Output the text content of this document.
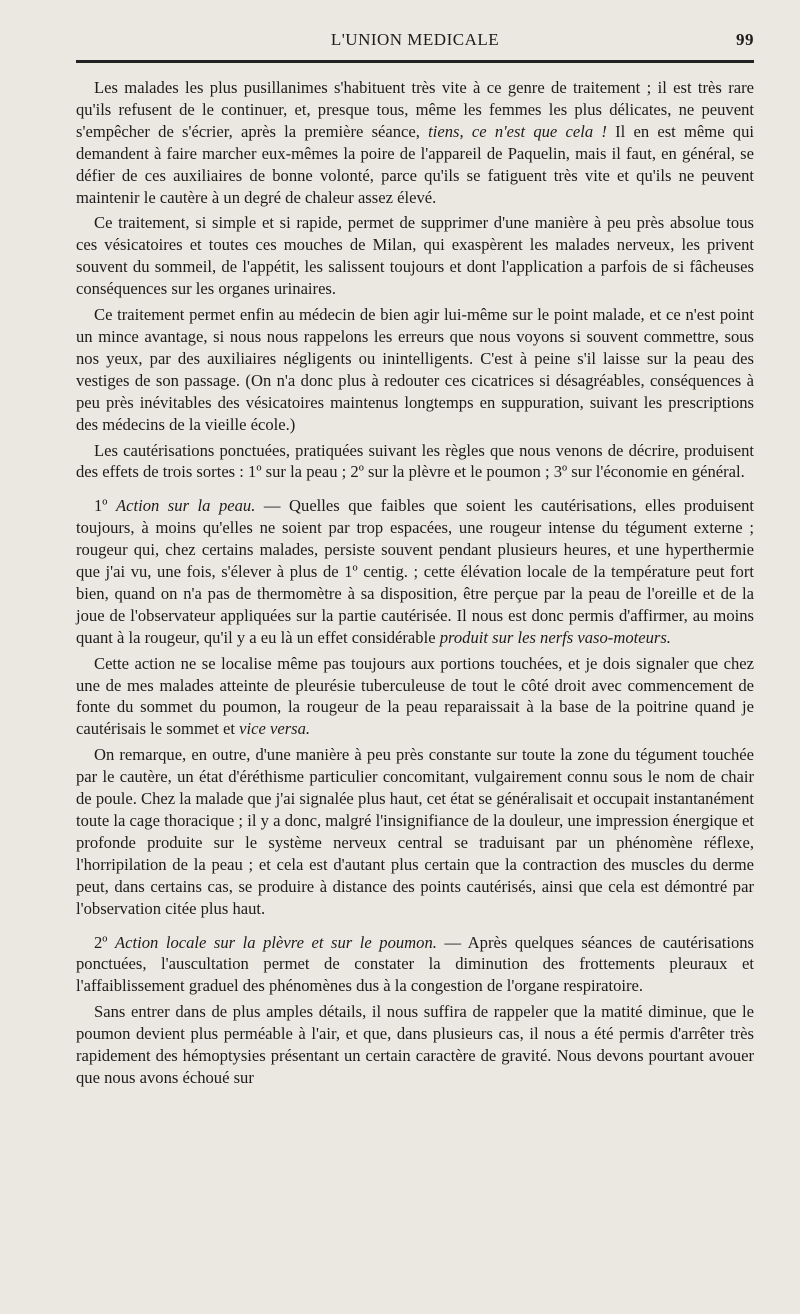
L'UNION MEDICALE	99

Les malades les plus pusillanimes s'habituent très vite à ce genre de traitement ; il est très rare qu'ils refusent de le continuer, et, presque tous, même les femmes les plus délicates, ne peuvent s'empêcher de s'écrier, après la première séance, tiens, ce n'est que cela ! Il en est même qui demandent à faire marcher eux-mêmes la poire de l'appareil de Paquelin, mais il faut, en général, se défier de ces auxiliaires de bonne volonté, parce qu'ils se fatiguent très vite et qu'ils ne peuvent maintenir le cautère à un degré de chaleur assez élevé.

Ce traitement, si simple et si rapide, permet de supprimer d'une manière à peu près absolue tous ces vésicatoires et toutes ces mouches de Milan, qui exaspèrent les malades nerveux, les privent souvent du sommeil, de l'appétit, les salissent toujours et dont l'application a parfois de si fâcheuses conséquences sur les organes urinaires.

Ce traitement permet enfin au médecin de bien agir lui-même sur le point malade, et ce n'est point un mince avantage, si nous nous rappelons les erreurs que nous voyons si souvent commettre, sous nos yeux, par des auxiliaires négligents ou inintelligents. C'est à peine s'il laisse sur la peau des vestiges de son passage. (On n'a donc plus à redouter ces cicatrices si désagréables, conséquences à peu près inévitables des vésicatoires maintenus longtemps en suppuration, suivant les prescriptions des médecins de la vieille école.)

Les cautérisations ponctuées, pratiquées suivant les règles que nous venons de décrire, produisent des effets de trois sortes : 1º sur la peau ; 2º sur la plèvre et le poumon ; 3º sur l'économie en général.

1º Action sur la peau. — Quelles que faibles que soient les cautérisations, elles produisent toujours, à moins qu'elles ne soient par trop espacées, une rougeur intense du tégument externe ; rougeur qui, chez certains malades, persiste souvent pendant plusieurs heures, et une hyperthermie que j'ai vu, une fois, s'élever à plus de 1º centig. ; cette élévation locale de la température peut fort bien, quand on n'a pas de thermomètre à sa disposition, être perçue par la peau de l'oreille et de la joue de l'observateur appliquées sur la partie cautérisée. Il nous est donc permis d'affirmer, au moins quant à la rougeur, qu'il y a eu là un effet considérable produit sur les nerfs vaso-moteurs.

Cette action ne se localise même pas toujours aux portions touchées, et je dois signaler que chez une de mes malades atteinte de pleurésie tuberculeuse de tout le côté droit avec commencement de fonte du sommet du poumon, la rougeur de la peau reparaissait à la base de la poitrine quand je cautérisais le sommet et vice versa.

On remarque, en outre, d'une manière à peu près constante sur toute la zone du tégument touchée par le cautère, un état d'éréthisme particulier concomitant, vulgairement connu sous le nom de chair de poule. Chez la malade que j'ai signalée plus haut, cet état se généralisait et occupait instantanément toute la cage thoracique ; il y a donc, malgré l'insignifiance de la douleur, une impression énergique et profonde produite sur le système nerveux central se traduisant par un phénomène réflexe, l'horripilation de la peau ; et cela est d'autant plus certain que la contraction des muscles du derme peut, dans certains cas, se produire à distance des points cautérisés, ainsi que cela est démontré par l'observation citée plus haut.

2º Action locale sur la plèvre et sur le poumon. — Après quelques séances de cautérisations ponctuées, l'auscultation permet de constater la diminution des frottements pleuraux et l'affaiblissement graduel des phénomènes dus à la congestion de l'organe respiratoire.

Sans entrer dans de plus amples détails, il nous suffira de rappeler que la matité diminue, que le poumon devient plus perméable à l'air, et que, dans plusieurs cas, il nous a été permis d'arrêter très rapidement des hémoptysies présentant un certain caractère de gravité. Nous devons pourtant avouer que nous avons échoué sur
